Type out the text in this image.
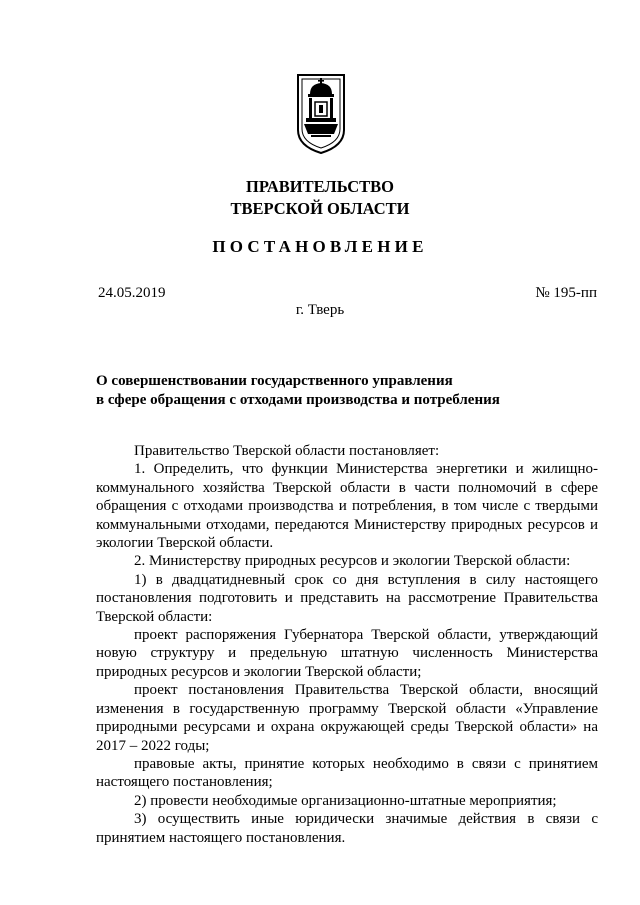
ПРАВИТЕЛЬСТВО
ТВЕРСКОЙ ОБЛАСТИ
ПОСТАНОВЛЕНИЕ
24.05.2019	№ 195-пп
г. Тверь
О совершенствовании государственного управления
в сфере обращения с отходами производства и потребления

Правительство Тверской области постановляет:

1. Определить, что функции Министерства энергетики и жилищно-коммунального хозяйства Тверской области в части полномочий в сфере обращения с отходами производства и потребления, в том числе с твердыми коммунальными отходами, передаются Министерству природных ресурсов и экологии Тверской области.

2. Министерству природных ресурсов и экологии Тверской области:

1) в двадцатидневный срок со дня вступления в силу настоящего постановления подготовить и представить на рассмотрение Правительства Тверской области:

проект распоряжения Губернатора Тверской области, утверждающий новую структуру и предельную штатную численность Министерства природных ресурсов и экологии Тверской области;

проект постановления Правительства Тверской области, вносящий изменения в государственную программу Тверской области «Управление природными ресурсами и охрана окружающей среды Тверской области» на 2017 – 2022 годы;

правовые акты, принятие которых необходимо в связи с принятием настоящего постановления;

2) провести необходимые организационно-штатные мероприятия;

3) осуществить иные юридически значимые действия в связи с принятием настоящего постановления.
